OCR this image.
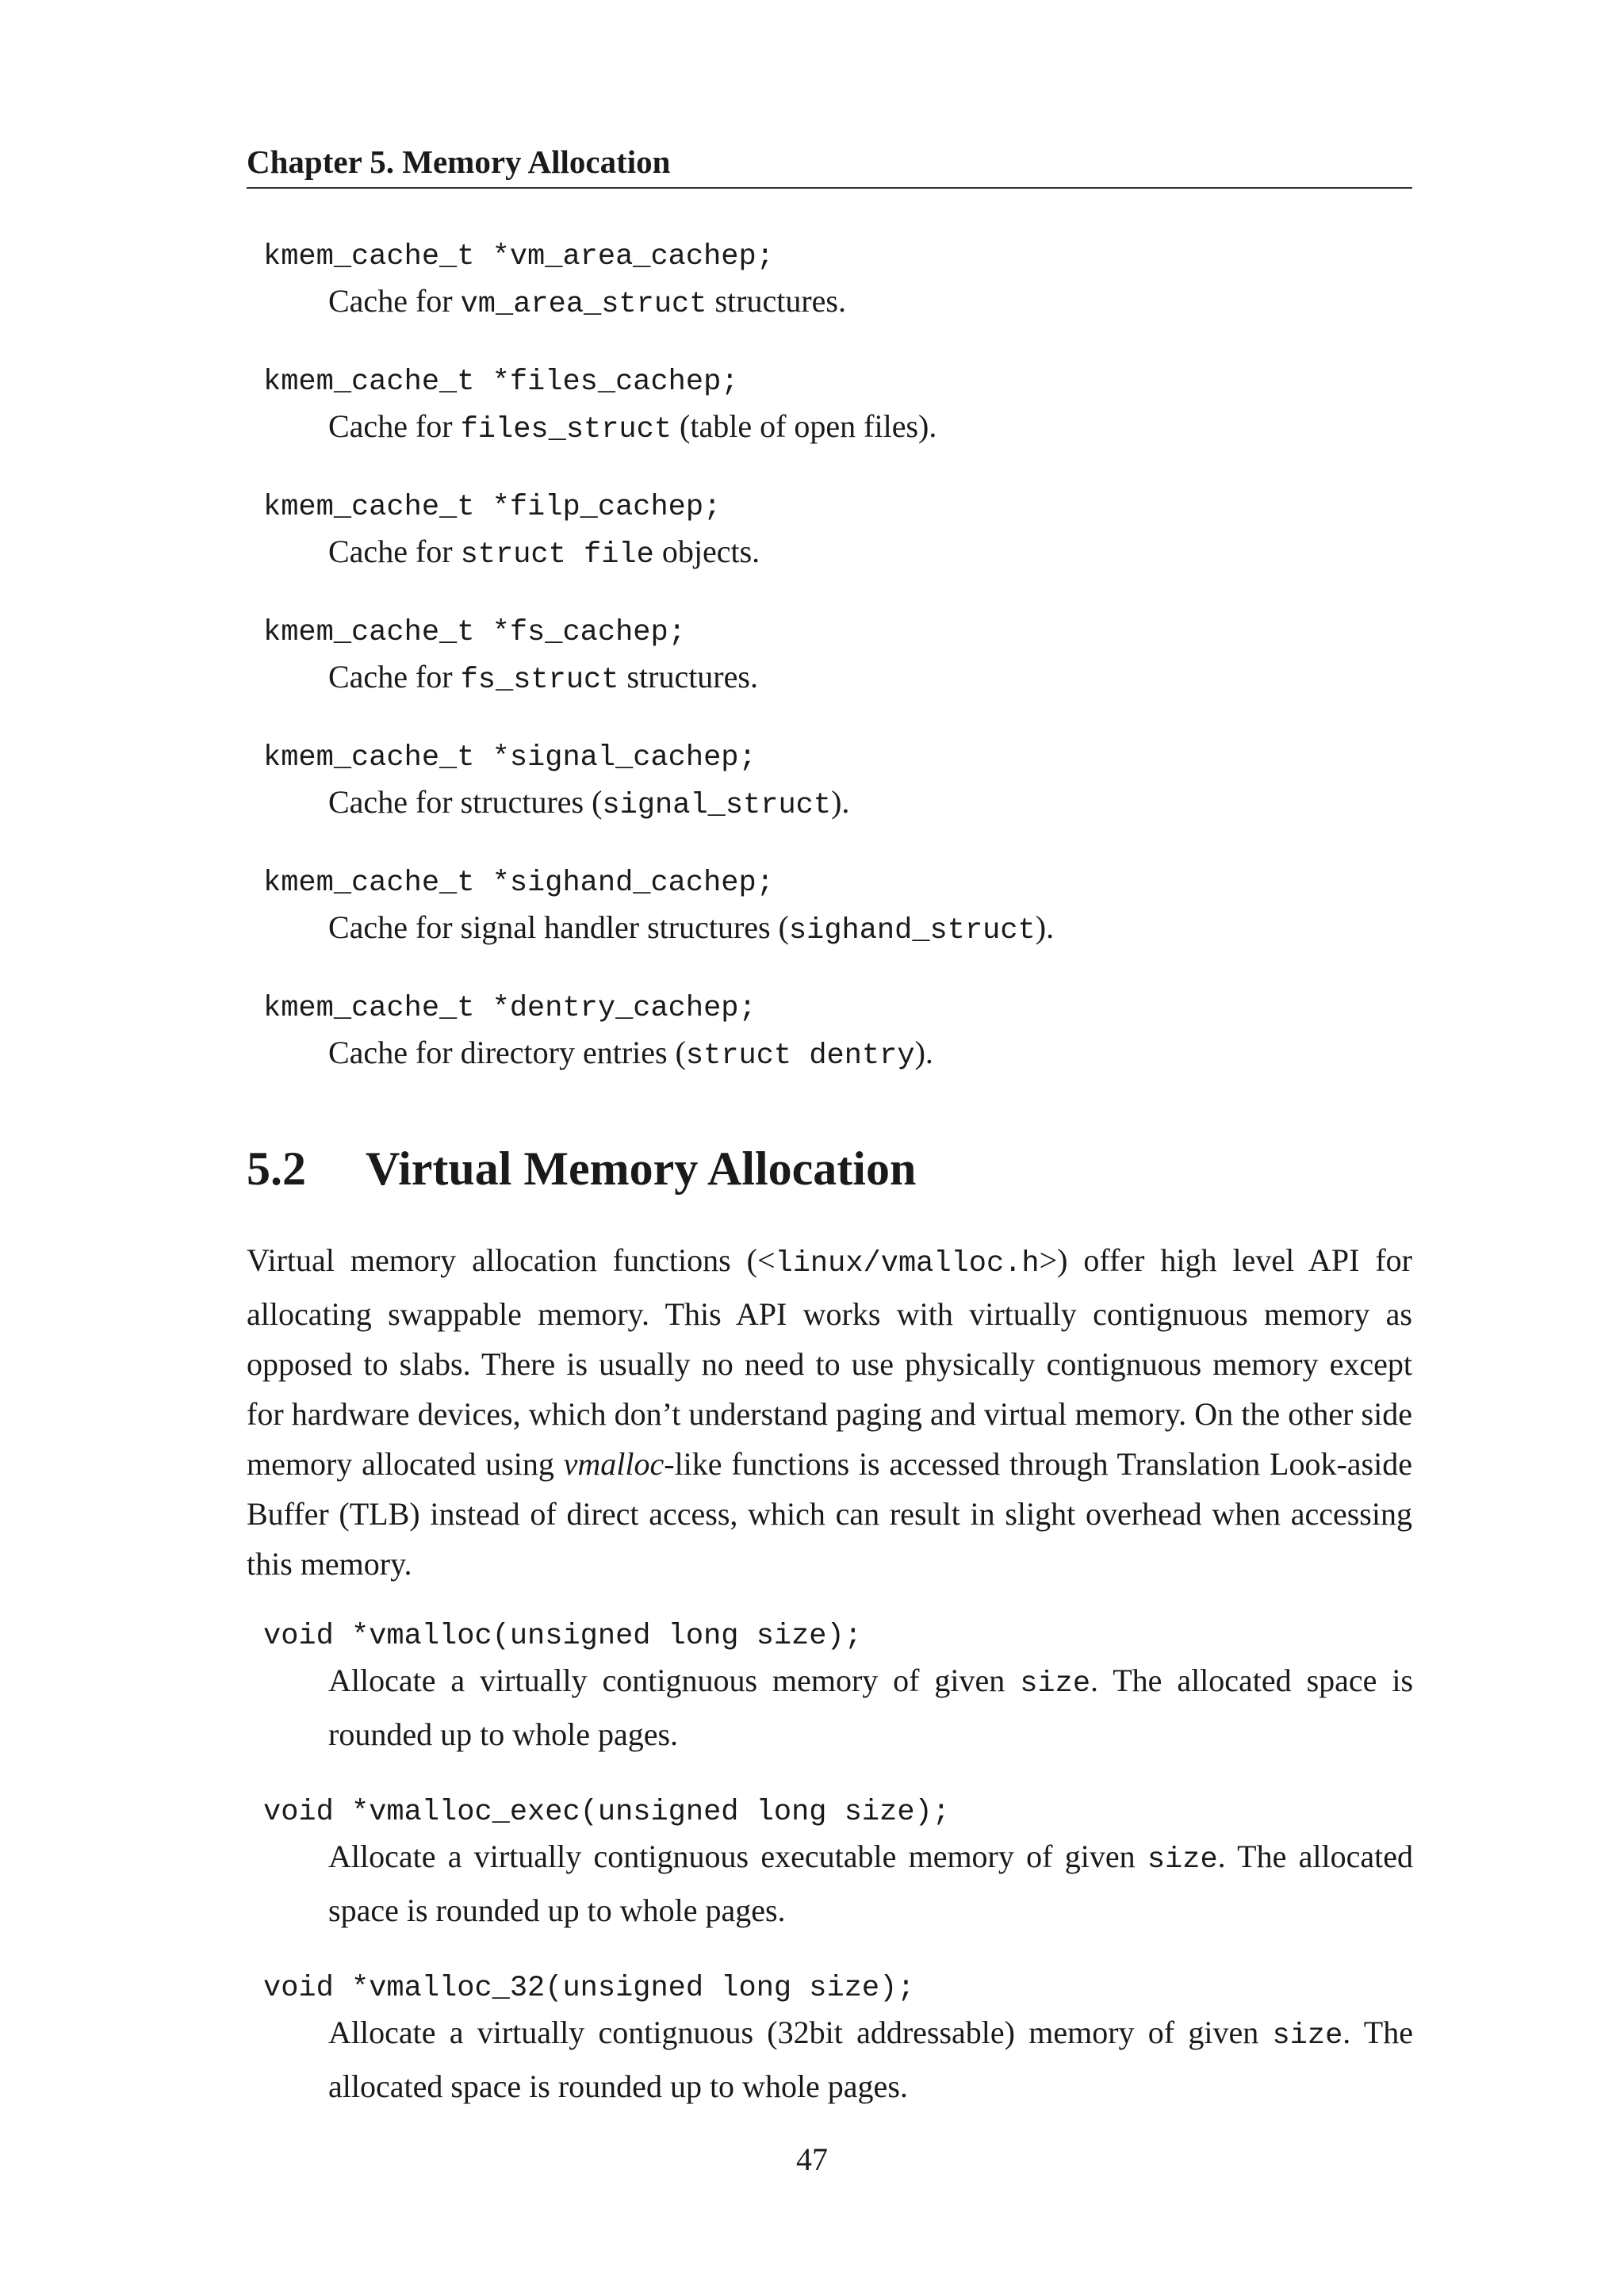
Chapter 5. Memory Allocation
kmem_cache_t *vm_area_cachep;
Cache for vm_area_struct structures.
kmem_cache_t *files_cachep;
Cache for files_struct (table of open files).
kmem_cache_t *filp_cachep;
Cache for struct file objects.
kmem_cache_t *fs_cachep;
Cache for fs_struct structures.
kmem_cache_t *signal_cachep;
Cache for structures (signal_struct).
kmem_cache_t *sighand_cachep;
Cache for signal handler structures (sighand_struct).
kmem_cache_t *dentry_cachep;
Cache for directory entries (struct dentry).
5.2 Virtual Memory Allocation
Virtual memory allocation functions (<linux/vmalloc.h>) offer high level API for allocating swappable memory. This API works with virtually contignuous memory as opposed to slabs. There is usually no need to use physically contignuous memory except for hardware devices, which don’t understand paging and virtual memory. On the other side memory allocated using vmalloc-like functions is accessed through Translation Look-aside Buffer (TLB) instead of direct access, which can result in slight overhead when accessing this memory.
void *vmalloc(unsigned long size);
Allocate a virtually contignuous memory of given size. The allocated space is rounded up to whole pages.
void *vmalloc_exec(unsigned long size);
Allocate a virtually contignuous executable memory of given size. The allocated space is rounded up to whole pages.
void *vmalloc_32(unsigned long size);
Allocate a virtually contignuous (32bit addressable) memory of given size. The allocated space is rounded up to whole pages.
47
